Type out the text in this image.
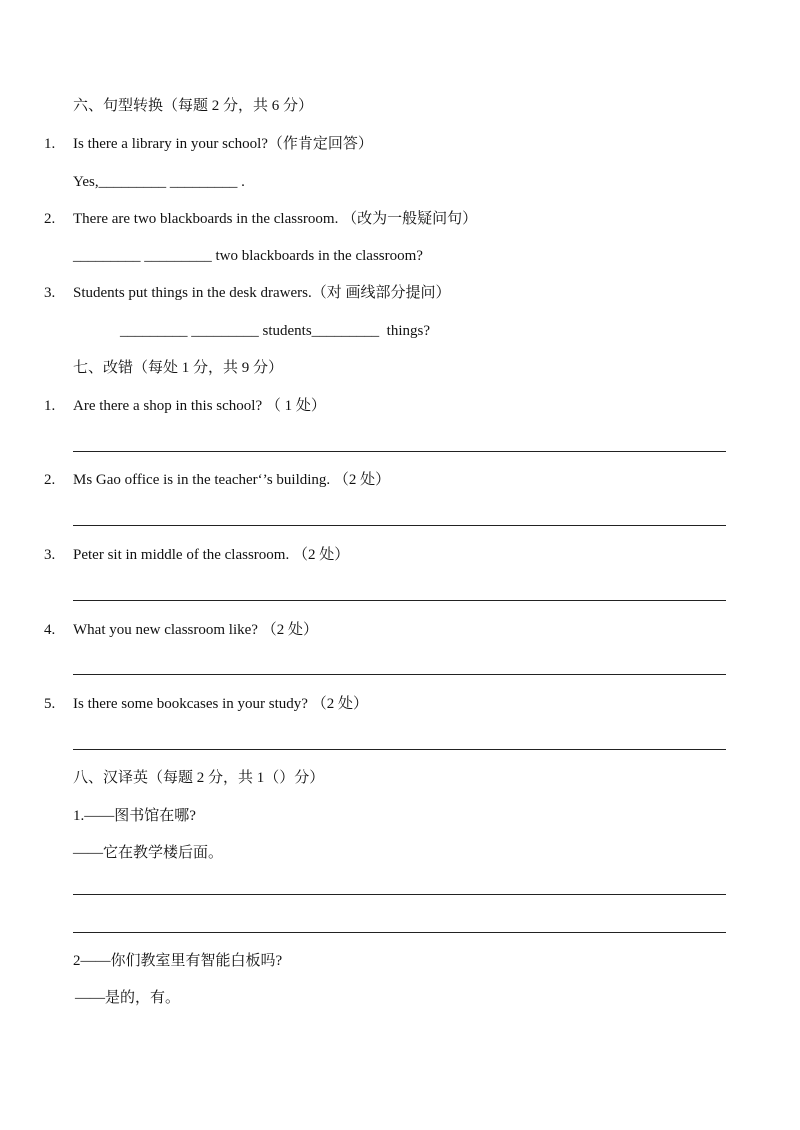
六、句型转换（每题 2 分，共 6 分）
1. Is there a library in your school?（作肯定回答）
Yes,_________ _________ .
2. There are two blackboards in the classroom. （改为一般疑问句）
_________ _________ two blackboards in the classroom?
3. Students put things in the desk drawers.（对 画线部分提问）
_________ _________ students_________  things?
七、改错（每处 1 分，共 9 分）
1. Are there a shop in this school? （ 1 处）
2. Ms Gao office is in the teacher‘’s building. （2 处）
3. Peter sit in middle of the classroom. （2 处）
4. What you new classroom like? （2 处）
5. Is there some bookcases in your study? （2 处）
八、汉译英（每题 2 分，共 1（）分）
1.——图书馆在哪?
——它在教学楼后面。
2——你们教室里有智能白板吗?
——是的，有。
